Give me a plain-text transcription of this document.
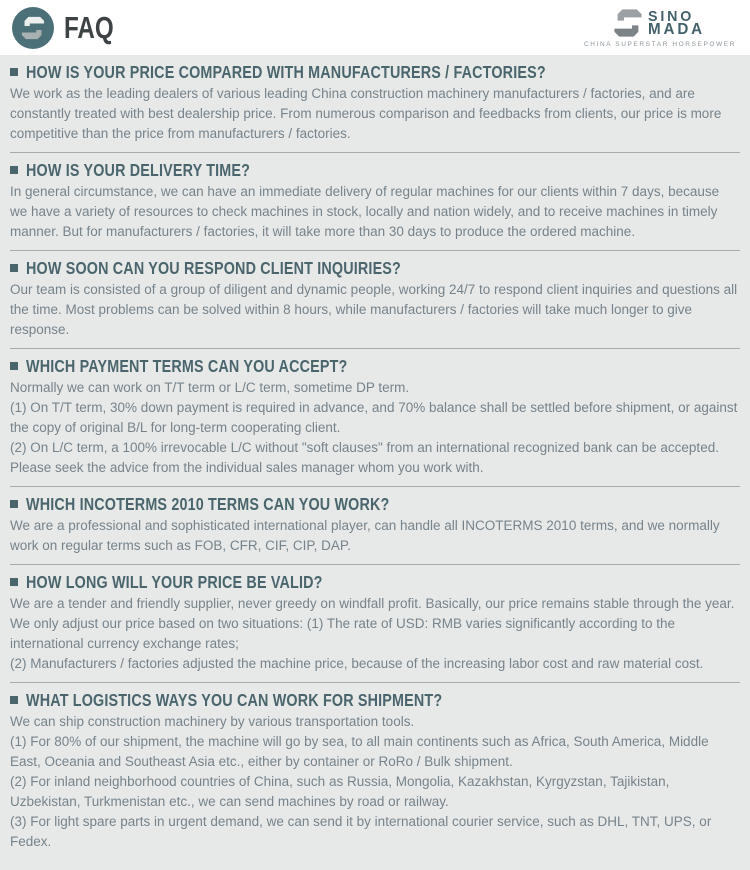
FAQ	SINO
MADA
CHINA SUPERSTAR HORSEPOWER
HOW IS YOUR PRICE COMPARED WITH MANUFACTURERS / FACTORIES?

We work as the leading dealers of various leading China construction machinery manufacturers / factories, and are constantly treated with best dealership price. From numerous comparison and feedbacks from clients, our price is more competitive than the price from manufacturers / factories.

HOW IS YOUR DELIVERY TIME?

In general circumstance, we can have an immediate delivery of regular machines for our clients within 7 days, because we have a variety of resources to check machines in stock, locally and nation widely, and to receive machines in timely manner. But for manufacturers / factories, it will take more than 30 days to produce the ordered machine.

HOW SOON CAN YOU RESPOND CLIENT INQUIRIES?

Our team is consisted of a group of diligent and dynamic people, working 24/7 to respond client inquiries and questions all the time. Most problems can be solved within 8 hours, while manufacturers / factories will take much longer to give response.

WHICH PAYMENT TERMS CAN YOU ACCEPT?

Normally we can work on T/T term or L/C term, sometime DP term.

(1) On T/T term, 30% down payment is required in advance, and 70% balance shall be settled before shipment, or against the copy of original B/L for long-term cooperating client.

(2) On L/C term, a 100% irrevocable L/C without "soft clauses" from an international recognized bank can be accepted. Please seek the advice from the individual sales manager whom you work with.

WHICH INCOTERMS 2010 TERMS CAN YOU WORK?

We are a professional and sophisticated international player, can handle all INCOTERMS 2010 terms, and we normally work on regular terms such as FOB, CFR, CIF, CIP, DAP.

HOW LONG WILL YOUR PRICE BE VALID?

We are a tender and friendly supplier, never greedy on windfall profit. Basically, our price remains stable through the year. We only adjust our price based on two situations: (1) The rate of USD: RMB varies significantly according to the international currency exchange rates;

(2) Manufacturers / factories adjusted the machine price, because of the increasing labor cost and raw material cost.

WHAT LOGISTICS WAYS YOU CAN WORK FOR SHIPMENT?

We can ship construction machinery by various transportation tools.

(1) For 80% of our shipment, the machine will go by sea, to all main continents such as Africa, South America, Middle East, Oceania and Southeast Asia etc., either by container or RoRo / Bulk shipment.

(2) For inland neighborhood countries of China, such as Russia, Mongolia, Kazakhstan, Kyrgyzstan, Tajikistan, Uzbekistan, Turkmenistan etc., we can send machines by road or railway.

(3) For light spare parts in urgent demand, we can send it by international courier service, such as DHL, TNT, UPS, or Fedex.
